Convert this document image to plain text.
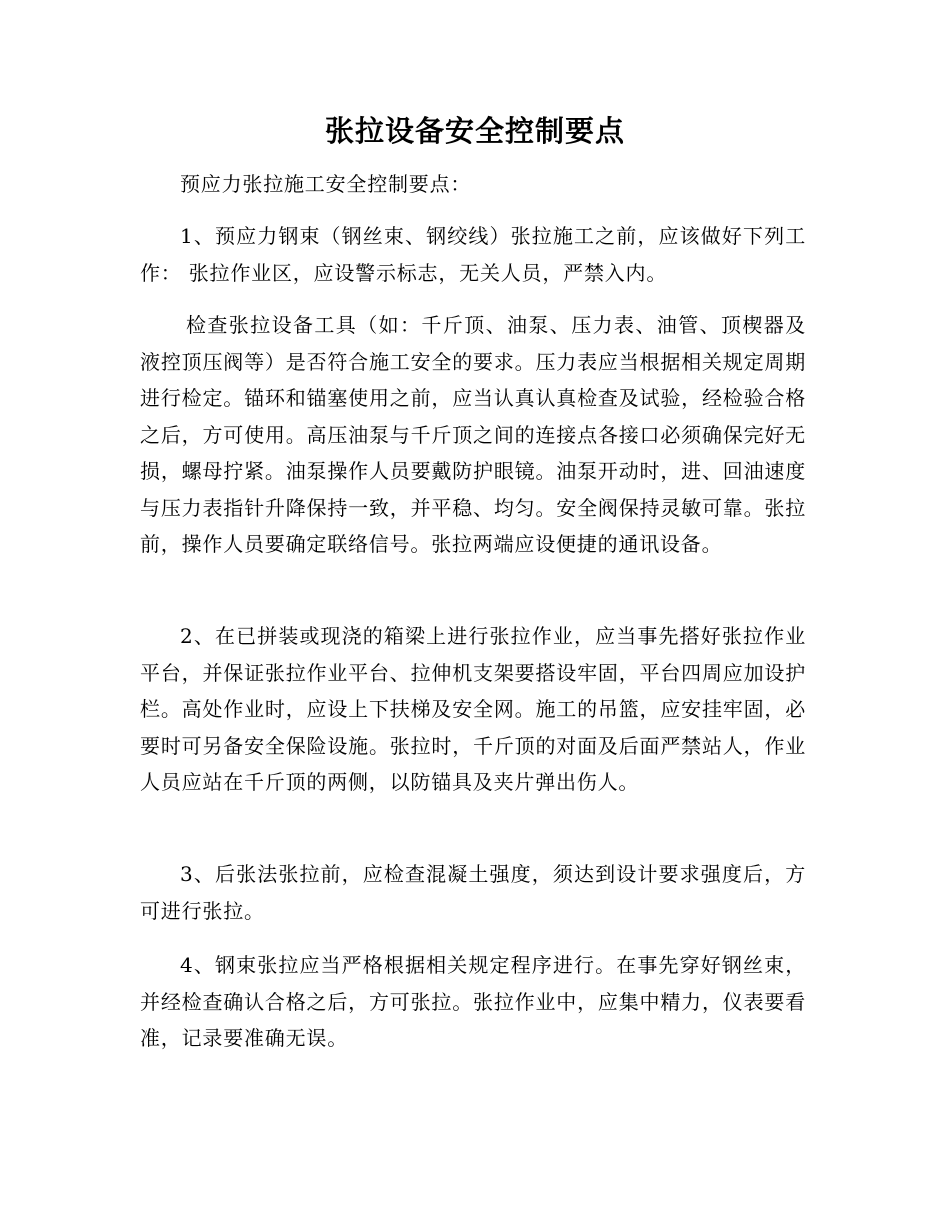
张拉设备安全控制要点

预应力张拉施工安全控制要点：

1、预应力钢束（钢丝束、钢绞线）张拉施工之前，应该做好下列工作： 张拉作业区，应设警示标志，无关人员，严禁入内。

检查张拉设备工具（如：千斤顶、油泵、压力表、油管、顶楔器及液控顶压阀等）是否符合施工安全的要求。压力表应当根据相关规定周期进行检定。锚环和锚塞使用之前，应当认真认真检查及试验，经检验合格之后，方可使用。高压油泵与千斤顶之间的连接点各接口必须确保完好无损，螺母拧紧。油泵操作人员要戴防护眼镜。油泵开动时，进、回油速度与压力表指针升降保持一致，并平稳、均匀。安全阀保持灵敏可靠。张拉前，操作人员要确定联络信号。张拉两端应设便捷的通讯设备。

2、在已拼装或现浇的箱梁上进行张拉作业，应当事先搭好张拉作业平台，并保证张拉作业平台、拉伸机支架要搭设牢固，平台四周应加设护栏。高处作业时，应设上下扶梯及安全网。施工的吊篮，应安挂牢固，必要时可另备安全保险设施。张拉时，千斤顶的对面及后面严禁站人，作业人员应站在千斤顶的两侧，以防锚具及夹片弹出伤人。

3、后张法张拉前，应检查混凝土强度，须达到设计要求强度后，方可进行张拉。

4、钢束张拉应当严格根据相关规定程序进行。在事先穿好钢丝束，并经检查确认合格之后，方可张拉。张拉作业中，应集中精力，仪表要看准，记录要准确无误。
